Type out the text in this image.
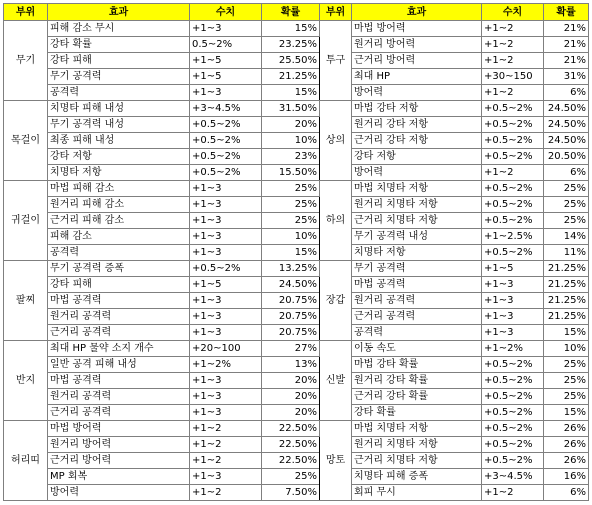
부위	효과	수치	확률	부위	효과	수치	확률
무기	피해 감소 무시	+1~3	15%	투구	마법 방어력	+1~2	21%
	강타 확률	0.5~2%	23.25%		원거리 방어력	+1~2	21%
	강타 피해	+1~5	25.50%		근거리 방어력	+1~2	21%
	무기 공격력	+1~5	21.25%		최대 HP	+30~150	31%
	공격력	+1~3	15%		방어력	+1~2	6%
목걸이	치명타 피해 내성	+3~4.5%	31.50%	상의	마법 강타 저항	+0.5~2%	24.50%
	무기 공격력 내성	+0.5~2%	20%		원거리 강타 저항	+0.5~2%	24.50%
	최종 피해 내성	+0.5~2%	10%		근거리 강타 저항	+0.5~2%	24.50%
	강타 저항	+0.5~2%	23%		강타 저항	+0.5~2%	20.50%
	치명타 저항	+0.5~2%	15.50%		방어력	+1~2	6%
귀걸이	마법 피해 감소	+1~3	25%	하의	마법 치명타 저항	+0.5~2%	25%
	원거리 피해 감소	+1~3	25%		원거리 치명타 저항	+0.5~2%	25%
	근거리 피해 감소	+1~3	25%		근거리 치명타 저항	+0.5~2%	25%
	피해 감소	+1~3	10%		무기 공격력 내성	+1~2.5%	14%
	공격력	+1~3	15%		치명타 저항	+0.5~2%	11%
팔찌	무기 공격력 증폭	+0.5~2%	13.25%	장갑	무기 공격력	+1~5	21.25%
	강타 피해	+1~5	24.50%		마법 공격력	+1~3	21.25%
	마법 공격력	+1~3	20.75%		원거리 공격력	+1~3	21.25%
	원거리 공격력	+1~3	20.75%		근거리 공격력	+1~3	21.25%
	근거리 공격력	+1~3	20.75%		공격력	+1~3	15%
반지	최대 HP 물약 소지 개수	+20~100	27%	신발	이동 속도	+1~2%	10%
	일반 공격 피해 내성	+1~2%	13%		마법 강타 확률	+0.5~2%	25%
	마법 공격력	+1~3	20%		원거리 강타 확률	+0.5~2%	25%
	원거리 공격력	+1~3	20%		근거리 강타 확률	+0.5~2%	25%
	근거리 공격력	+1~3	20%		강타 확률	+0.5~2%	15%
허리띠	마법 방어력	+1~2	22.50%	망토	마법 치명타 저항	+0.5~2%	26%
	원거리 방어력	+1~2	22.50%		원거리 치명타 저항	+0.5~2%	26%
	근거리 방어력	+1~2	22.50%		근거리 치명타 저항	+0.5~2%	26%
	MP 회복	+1~3	25%		치명타 피해 증폭	+3~4.5%	16%
	방어력	+1~2	7.50%		회피 무시	+1~2	6%
